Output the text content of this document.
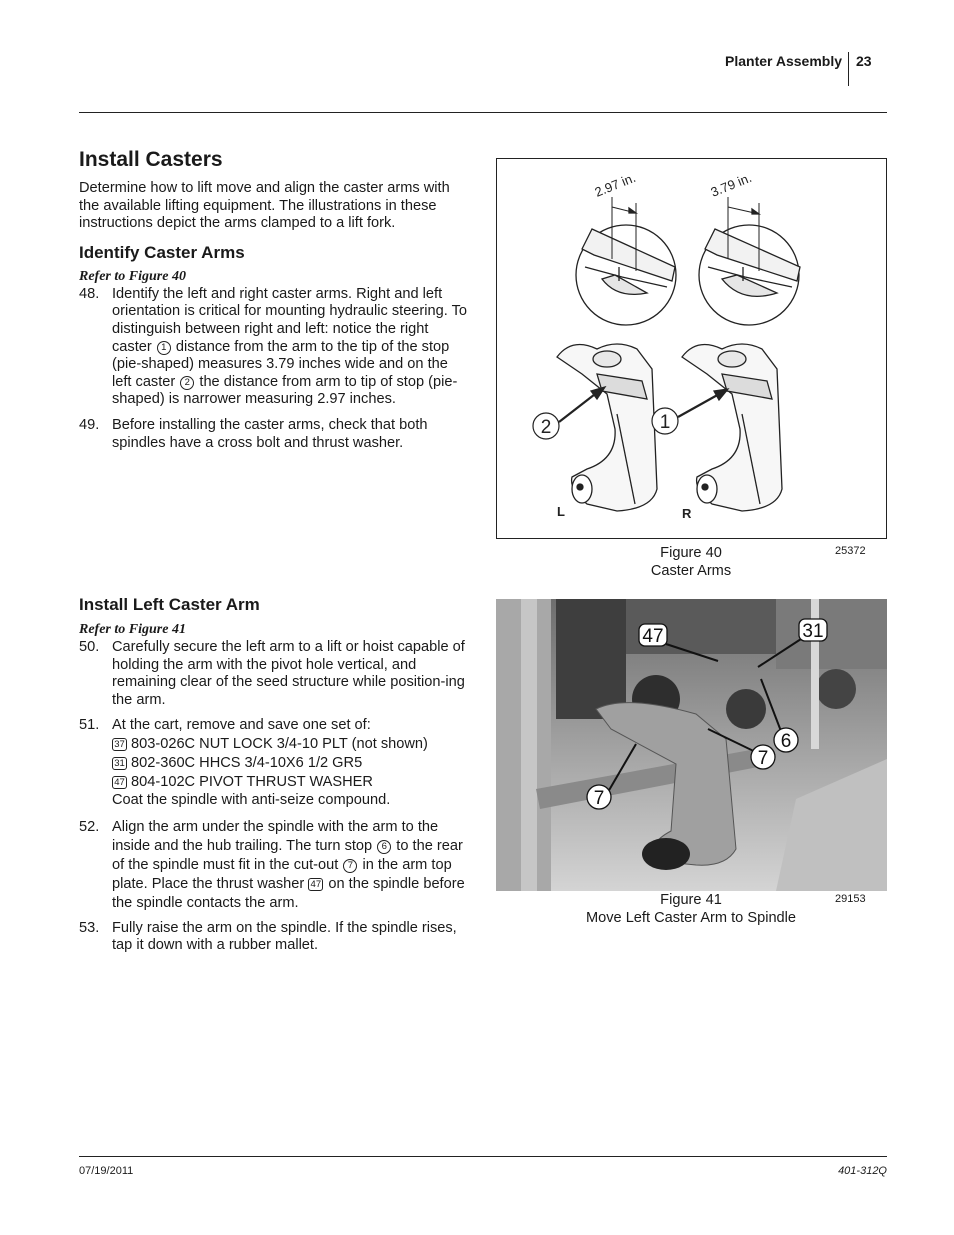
Planter Assembly 23
Install Casters

Determine how to lift move and align the caster arms with the available lifting equipment. The illustrations in these instructions depict the arms clamped to a lift fork.

Identify Caster Arms
Refer to Figure 40
48. Identify the left and right caster arms. Right and left orientation is critical for mounting hydraulic steering. To distinguish between right and left: notice the right caster 1 distance from the arm to the tip of the stop (pie-shaped) measures 3.79 inches wide and on the left caster 2 the distance from arm to tip of stop (pie-shaped) is narrower measuring 2.97 inches.
49. Before installing the caster arms, check that both spindles have a cross bolt and thrust washer.
Install Left Caster Arm
Refer to Figure 41
50. Carefully secure the left arm to a lift or hoist capable of holding the arm with the pivot hole vertical, and remaining clear of the seed structure while position-ing the arm.
51. At the cart, remove and save one set of:
37 803-026C NUT LOCK 3/4-10 PLT (not shown)
31 802-360C HHCS 3/4-10X6 1/2 GR5
47 804-102C PIVOT THRUST WASHER
Coat the spindle with anti-seize compound.
52. Align the arm under the spindle with the arm to the inside and the hub trailing. The turn stop 6 to the rear of the spindle must fit in the cut-out 7 in the arm top plate. Place the thrust washer 47 on the spindle before the spindle contacts the arm.
53. Fully raise the arm on the spindle. If the spindle rises, tap it down with a rubber mallet.
2.97 in.	3.79 in.
2	1
L	R
Figure 40
Caster Arms
25372
47	31
6
7
7
Figure 41
Move Left Caster Arm to Spindle
29153
07/19/2011	401-312Q
